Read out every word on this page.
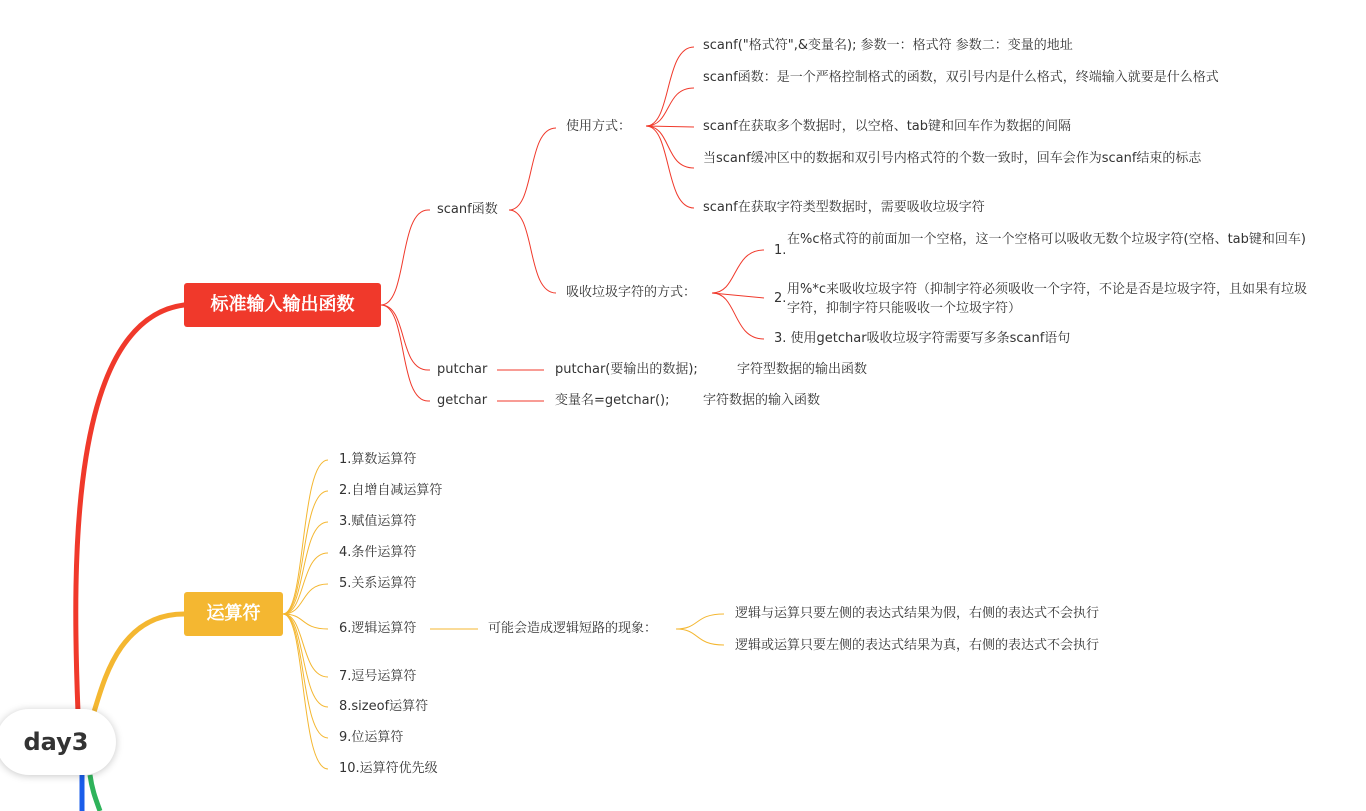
day3
标准输入输出函数
scanf函数
使用方式：
scanf("格式符",&变量名); 参数一：格式符 参数二：变量的地址
scanf函数：是一个严格控制格式的函数，双引号内是什么格式，终端输入就要是什么格式
scanf在获取多个数据时，以空格、tab键和回车作为数据的间隔
当scanf缓冲区中的数据和双引号内格式符的个数一致时，回车会作为scanf结束的标志
scanf在获取字符类型数据时，需要吸收垃圾字符
吸收垃圾字符的方式：
1.
在%c格式符的前面加一个空格，这一个空格可以吸收无数个垃圾字符(空格、tab键和回车)
2.
用%*c来吸收垃圾字符（抑制字符必须吸收一个字符，不论是否是垃圾字符，且如果有垃圾字符，抑制字符只能吸收一个垃圾字符）
3. 使用getchar吸收垃圾字符需要写多条scanf语句
putchar	putchar(要输出的数据);	字符型数据的输出函数
getchar	变量名=getchar();	字符数据的输入函数
运算符
1.算数运算符
2.自增自减运算符
3.赋值运算符
4.条件运算符
5.关系运算符
6.逻辑运算符
7.逗号运算符
8.sizeof运算符
9.位运算符
10.运算符优先级
可能会造成逻辑短路的现象：
逻辑与运算只要左侧的表达式结果为假，右侧的表达式不会执行
逻辑或运算只要左侧的表达式结果为真，右侧的表达式不会执行
